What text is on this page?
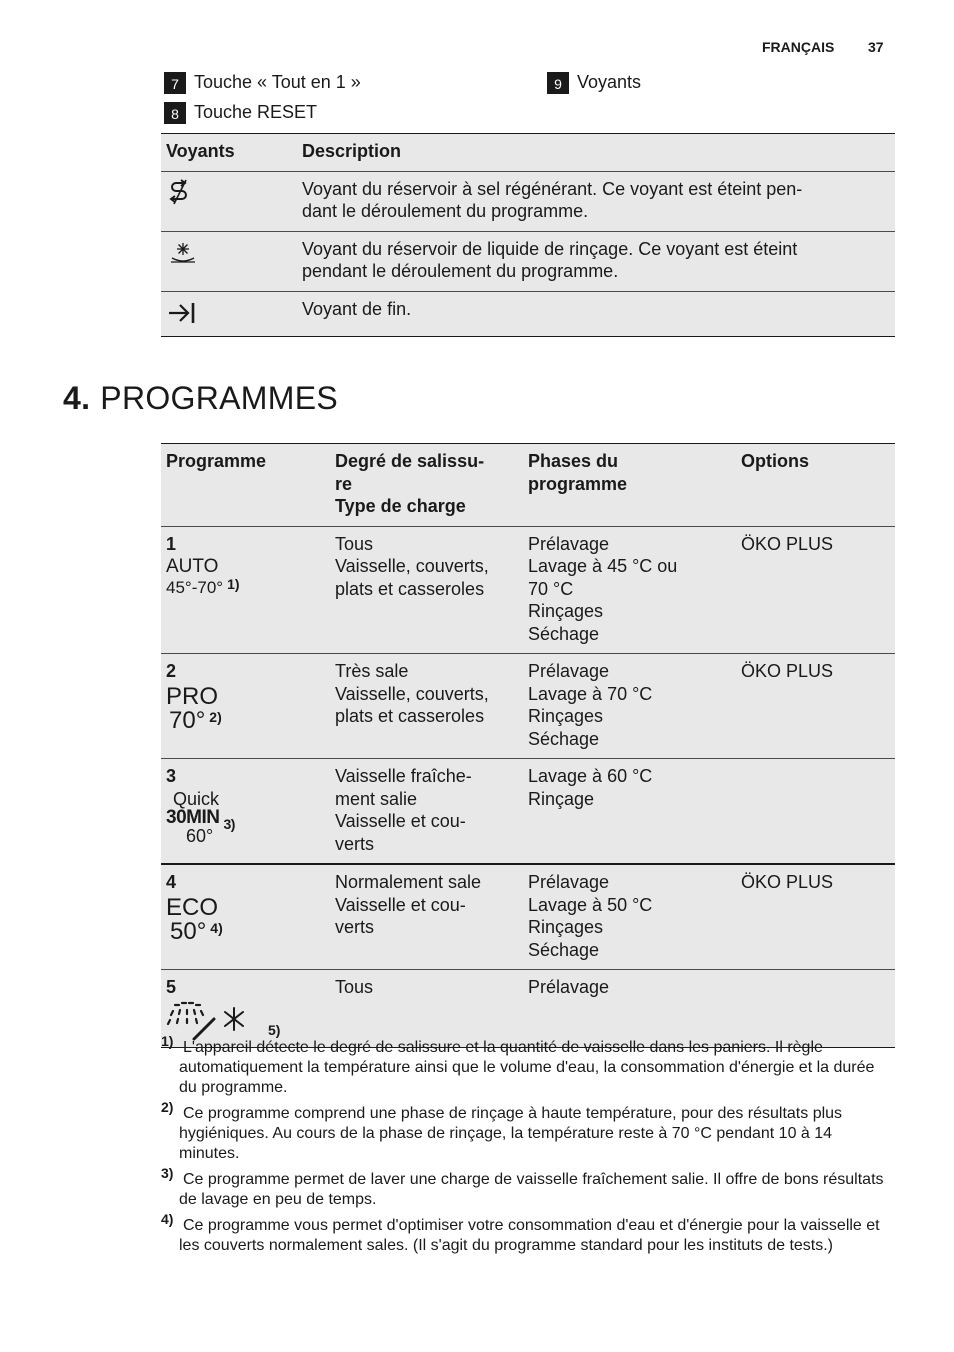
FRANÇAIS 37
7 Touche « Tout en 1 »
8 Touche RESET
9 Voyants
Voyants	Description

	Voyant du réservoir à sel régénérant. Ce voyant est éteint pen-
dant le déroulement du programme.

	Voyant du réservoir de liquide de rinçage. Ce voyant est éteint
pendant le déroulement du programme.

	Voyant de fin.
4. PROGRAMMES
Programme	Degré de salissu-
re
Type de charge	Phases du
programme	Options

1
AUTO
45°-70° $^{1)}$	Tous
Vaisselle, couverts,
plats et casseroles	Prélavage
Lavage à 45 °C ou
70 °C
Rinçages
Séchage	ÖKO PLUS

2
PRO
70° $^{2)}$	Très sale
Vaisselle, couverts,
plats et casseroles	Prélavage
Lavage à 70 °C
Rinçages
Séchage	ÖKO PLUS

3
Quick
30MIN $_{3)}$
60°	Vaisselle fraîche-
ment salie
Vaisselle et cou-
verts	Lavage à 60 °C
Rinçage	

4
ECO
50° $^{4)}$	Normalement sale
Vaisselle et cou-
verts	Prélavage
Lavage à 50 °C
Rinçages
Séchage	ÖKO PLUS

5
$_{5)}$	Tous	Prélavage	
1) L'appareil détecte le degré de salissure et la quantité de vaisselle dans les paniers. Il règle automatiquement la température ainsi que le volume d'eau, la consommation d'énergie et la durée du programme.
2) Ce programme comprend une phase de rinçage à haute température, pour des résultats plus hygiéniques. Au cours de la phase de rinçage, la température reste à 70 °C pendant 10 à 14 minutes.
3) Ce programme permet de laver une charge de vaisselle fraîchement salie. Il offre de bons résultats de lavage en peu de temps.
4) Ce programme vous permet d'optimiser votre consommation d'eau et d'énergie pour la vaisselle et les couverts normalement sales. (Il s'agit du programme standard pour les instituts de tests.)
